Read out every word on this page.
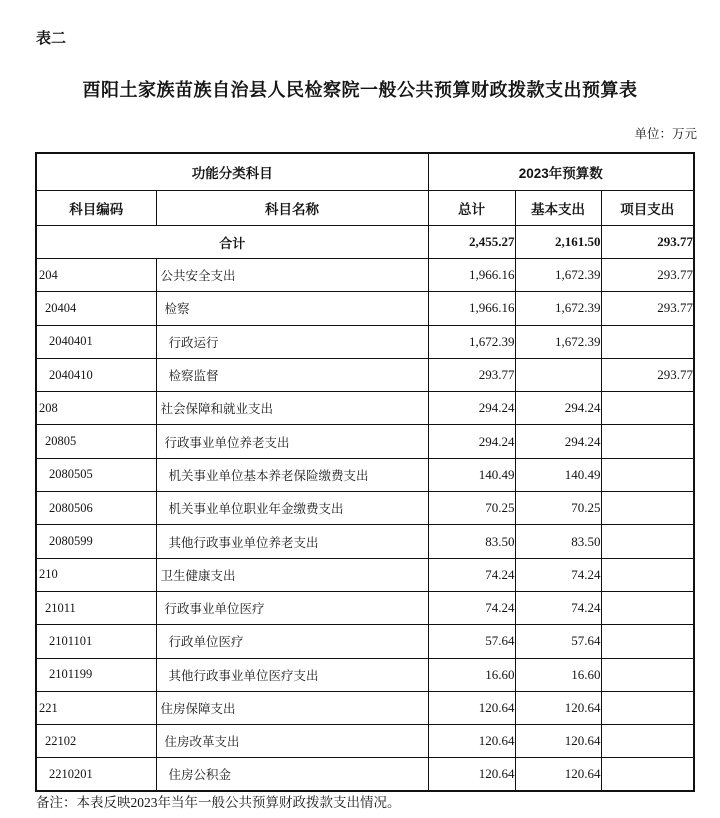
表二
酉阳土家族苗族自治县人民检察院一般公共预算财政拨款支出预算表
单位：万元
功能分类科目		2023年预算数		
科目编码	科目名称	总计	基本支出	项目支出
合计		2,455.27	2,161.50	293.77
204	公共安全支出	1,966.16	1,672.39	293.77
20404	检察	1,966.16	1,672.39	293.77
2040401	行政运行	1,672.39	1,672.39	
2040410	检察监督	293.77		293.77
208	社会保障和就业支出	294.24	294.24	
20805	行政事业单位养老支出	294.24	294.24	
2080505	机关事业单位基本养老保险缴费支出	140.49	140.49	
2080506	机关事业单位职业年金缴费支出	70.25	70.25	
2080599	其他行政事业单位养老支出	83.50	83.50	
210	卫生健康支出	74.24	74.24	
21011	行政事业单位医疗	74.24	74.24	
2101101	行政单位医疗	57.64	57.64	
2101199	其他行政事业单位医疗支出	16.60	16.60	
221	住房保障支出	120.64	120.64	
22102	住房改革支出	120.64	120.64	
2210201	住房公积金	120.64	120.64	
备注：本表反映2023年当年一般公共预算财政拨款支出情况。
